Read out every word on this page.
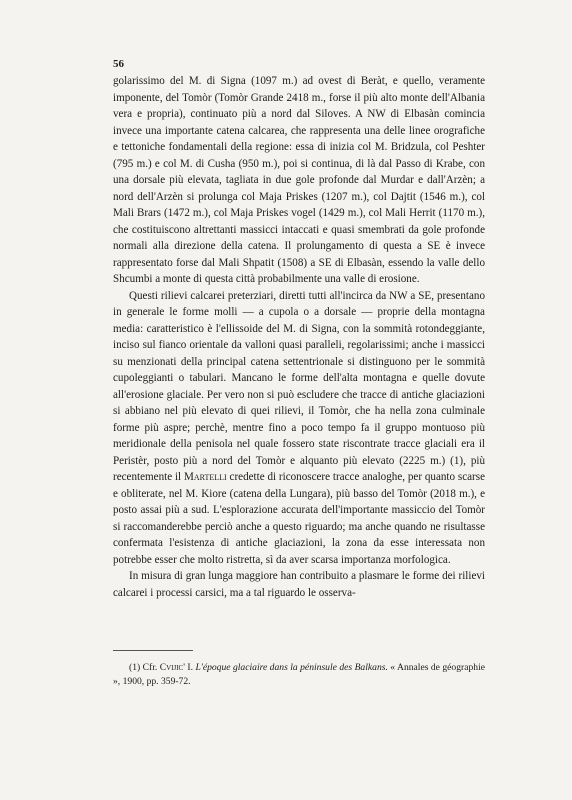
56

golarissimo del M. di Signa (1097 m.) ad ovest di Beràt, e quello, veramente imponente, del Tomòr (Tomòr Grande 2418 m., forse il più alto monte dell'Albania vera e propria), continuato più a nord dal Siloves. A NW di Elbasàn comincia invece una importante catena calcarea, che rappresenta una delle linee orografiche e tettoniche fondamentali della regione: essa di inizia col M. Bridzula, col Peshter (795 m.) e col M. di Cusha (950 m.), poi si continua, di là dal Passo di Krabe, con una dorsale più elevata, tagliata in due gole profonde dal Murdar e dall'Arzèn; a nord dell'Arzèn si prolunga col Maja Priskes (1207 m.), col Dajtit (1546 m.), col Mali Brars (1472 m.), col Maja Priskes vogel (1429 m.), col Mali Herrit (1170 m.), che costituiscono altrettanti massicci intaccati e quasi smembrati da gole profonde normali alla direzione della catena. Il prolungamento di questa a SE è invece rappresentato forse dal Mali Shpatit (1508) a SE di Elbasàn, essendo la valle dello Shcumbi a monte di questa città probabilmente una valle di erosione.

Questi rilievi calcarei preterziari, diretti tutti all'incirca da NW a SE, presentano in generale le forme molli — a cupola o a dorsale — proprie della montagna media: caratteristico è l'ellissoide del M. di Signa, con la sommità rotondeggiante, inciso sul fianco orientale da valloni quasi paralleli, regolarissimi; anche i massicci su menzionati della principal catena settentrionale si distinguono per le sommità cupoleggianti o tabulari. Mancano le forme dell'alta montagna e quelle dovute all'erosione glaciale. Per vero non si può escludere che tracce di antiche glaciazioni si abbiano nel più elevato di quei rilievi, il Tomòr, che ha nella zona culminale forme più aspre; perchè, mentre fino a poco tempo fa il gruppo montuoso più meridionale della penisola nel quale fossero state riscontrate tracce glaciali era il Peristèr, posto più a nord del Tomòr e alquanto più elevato (2225 m.) (1), più recentemente il Martelli credette di riconoscere tracce analoghe, per quanto scarse e obliterate, nel M. Kiore (catena della Lungara), più basso del Tomòr (2018 m.), e posto assai più a sud. L'esplorazione accurata dell'importante massiccio del Tomòr si raccomanderebbe perciò anche a questo riguardo; ma anche quando ne risultasse confermata l'esistenza di antiche glaciazioni, la zona da esse interessata non potrebbe esser che molto ristretta, sì da aver scarsa importanza morfologica.

In misura di gran lunga maggiore han contribuito a plasmare le forme dei rilievi calcarei i processi carsici, ma a tal riguardo le osserva-

(1) Cfr. Cvijic' I. L'époque glaciaire dans la péninsule des Balkans. « Annales de géographie », 1900, pp. 359-72.
